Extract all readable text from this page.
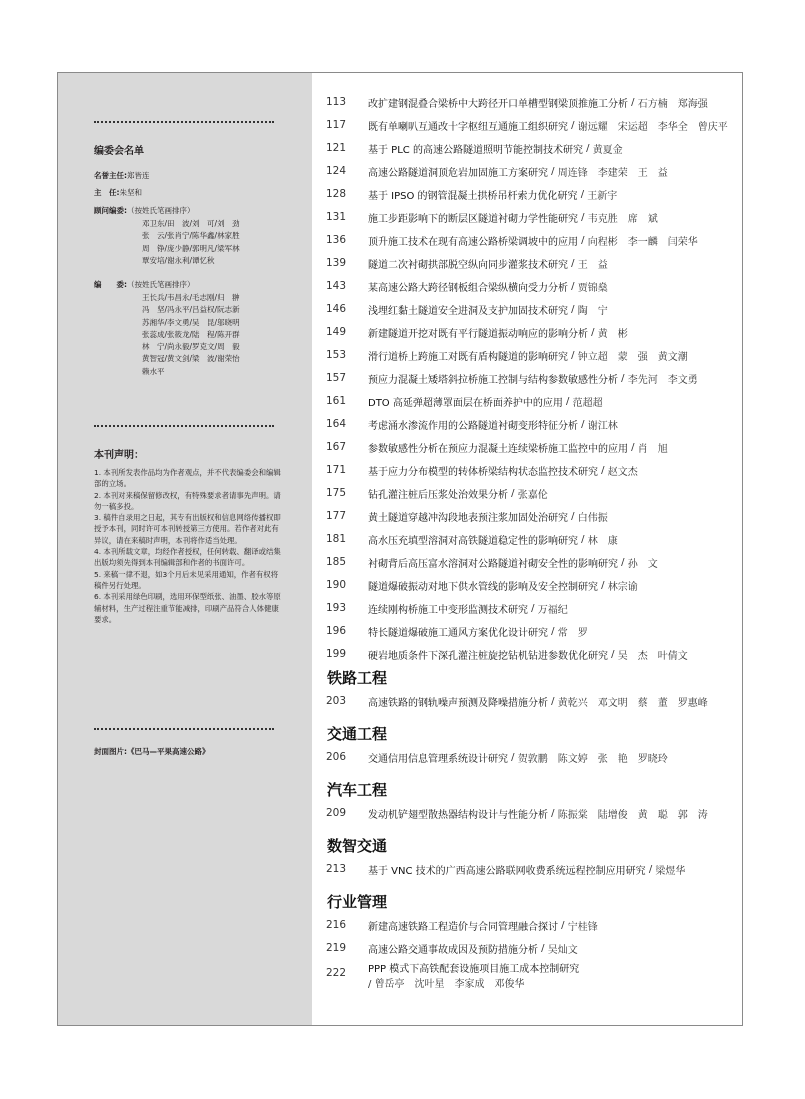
编委会名单
名誉主任:郑皆连
主　任:朱坚和
顾问编委:（按姓氏笔画排序）
邓卫东/田　波/刘　可/刘　劲
张　云/张肖宁/陈华鑫/林家胜
周　铮/庞少静/郭明凡/梁军林
覃安培/谢永利/谭忆秋
编　　委:（按姓氏笔画排序）
王长兵/韦昌永/毛志刚/归　翀
冯　坚/冯永平/吕益权/阮志新
苏湘华/李文勇/吴　昆/邬晓明
张蕊成/张筱龙/陆　程/陈开群
林　宁/尚永毅/罗克文/周　毅
黄智冠/黄文剑/梁　波/谢荣怡
赖水平
本刊声明：

1. 本刊所发表作品均为作者观点，并不代表编委会和编辑部的立场。

2. 本刊对来稿保留修改权，有特殊要求者请事先声明。请勿一稿多投。

3. 稿件自录用之日起，其专有出版权和信息网络传播权即授予本刊，同时许可本刊转授第三方使用。若作者对此有异议，请在来稿时声明，本刊将作适当处理。

4. 本刊所载文章，均经作者授权，任何转载、翻译或结集出版均须先得到本刊编辑部和作者的书面许可。

5. 来稿一律不退，如3个月后未见采用通知，作者有权将稿件另行处理。

6. 本刊采用绿色印刷，选用环保型纸张、油墨、胶水等原辅材料，生产过程注重节能减排，印刷产品符合人体健康要求。

封面图片:《巴马—平果高速公路》
113	改扩建钢混叠合梁桥中大跨径开口单槽型钢梁顶推施工分析 / 石方楠　郑海强
117	既有单喇叭互通改十字枢纽互通施工组织研究 / 谢远耀　宋运超　李华全　曾庆平
121	基于 PLC 的高速公路隧道照明节能控制技术研究 / 黄夏金
124	高速公路隧道洞顶危岩加固施工方案研究 / 周连锋　李建荣　王　益
128	基于 IPSO 的钢管混凝土拱桥吊杆索力优化研究 / 王新宇
131	施工步距影响下的断层区隧道衬砌力学性能研究 / 韦克胜　席　斌
136	顶升施工技术在现有高速公路桥梁调坡中的应用 / 向程彬　李一麟　闫荣华
139	隧道二次衬砌拱部脱空纵向同步灌浆技术研究 / 王　益
143	某高速公路大跨径钢板组合梁纵横向受力分析 / 贾锦燊
146	浅埋红黏土隧道安全进洞及支护加固技术研究 / 陶　宁
149	新建隧道开挖对既有平行隧道振动响应的影响分析 / 黄　彬
153	滑行道桥上跨施工对既有盾构隧道的影响研究 / 钟立超　蒙　强　黄文潮
157	预应力混凝土矮塔斜拉桥施工控制与结构参数敏感性分析 / 李先河　李文勇
161	DTO 高延弹超薄罩面层在桥面养护中的应用 / 范超超
164	考虑涌水渗流作用的公路隧道衬砌变形特征分析 / 谢江林
167	参数敏感性分析在预应力混凝土连续梁桥施工监控中的应用 / 肖　旭
171	基于应力分布模型的转体桥梁结构状态监控技术研究 / 赵文杰
175	钻孔灌注桩后压浆处治效果分析 / 张嘉伦
177	黄土隧道穿越冲沟段地表预注浆加固处治研究 / 白伟振
181	高水压充填型溶洞对高铁隧道稳定性的影响研究 / 林　康
185	衬砌背后高压富水溶洞对公路隧道衬砌安全性的影响研究 / 孙　文
190	隧道爆破振动对地下供水管线的影响及安全控制研究 / 林宗谕
193	连续刚构桥施工中变形监测技术研究 / 万福纪
196	特长隧道爆破施工通风方案优化设计研究 / 常　罗
199	硬岩地质条件下深孔灌注桩旋挖钻机钻进参数优化研究 / 吴　杰　叶倩文
铁路工程
203	高速铁路的钢轨噪声预测及降噪措施分析 / 黄乾兴　邓文明　蔡　董　罗惠峰
交通工程
206	交通信用信息管理系统设计研究 / 贺敦鹏　陈文婷　张　艳　罗晓玲
汽车工程
209	发动机铲翅型散热器结构设计与性能分析 / 陈振棠　陆增俊　黄　聪　郭　涛
数智交通
213	基于 VNC 技术的广西高速公路联网收费系统远程控制应用研究 / 梁煜华
行业管理
216	新建高速铁路工程造价与合同管理融合探讨 / 宁桂锋
219	高速公路交通事故成因及预防措施分析 / 吴灿文
222	PPP 模式下高铁配套设施项目施工成本控制研究
/ 曾岳亭　沈叶星　李家成　邓俊华
